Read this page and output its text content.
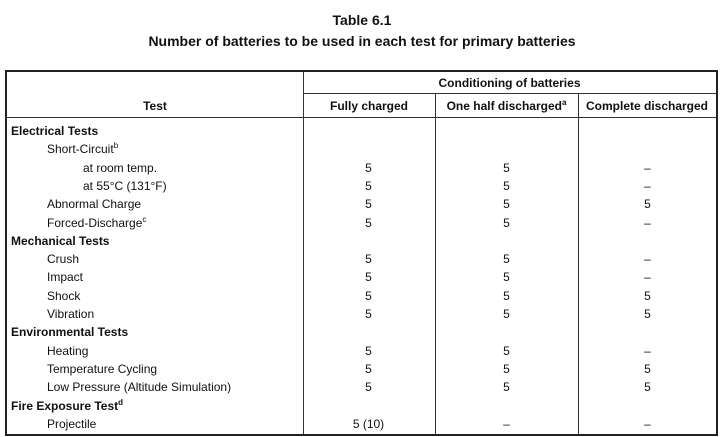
Table 6.1
Number of batteries to be used in each test for primary batteries
Conditioning of batteries
Test	Fully charged	One half discharged$^a$	Complete discharged
Electrical Tests
Short-Circuit$^b$
at room temp.	5	5	–
at 55°C (131°F)	5	5	–
Abnormal Charge	5	5	5
Forced-Discharge$^c$	5	5	–
Mechanical Tests
Crush	5	5	–
Impact	5	5	–
Shock	5	5	5
Vibration	5	5	5
Environmental Tests
Heating	5	5	–
Temperature Cycling	5	5	5
Low Pressure (Altitude Simulation)	5	5	5
Fire Exposure Test$^d$
Projectile	5 (10)	–	–
